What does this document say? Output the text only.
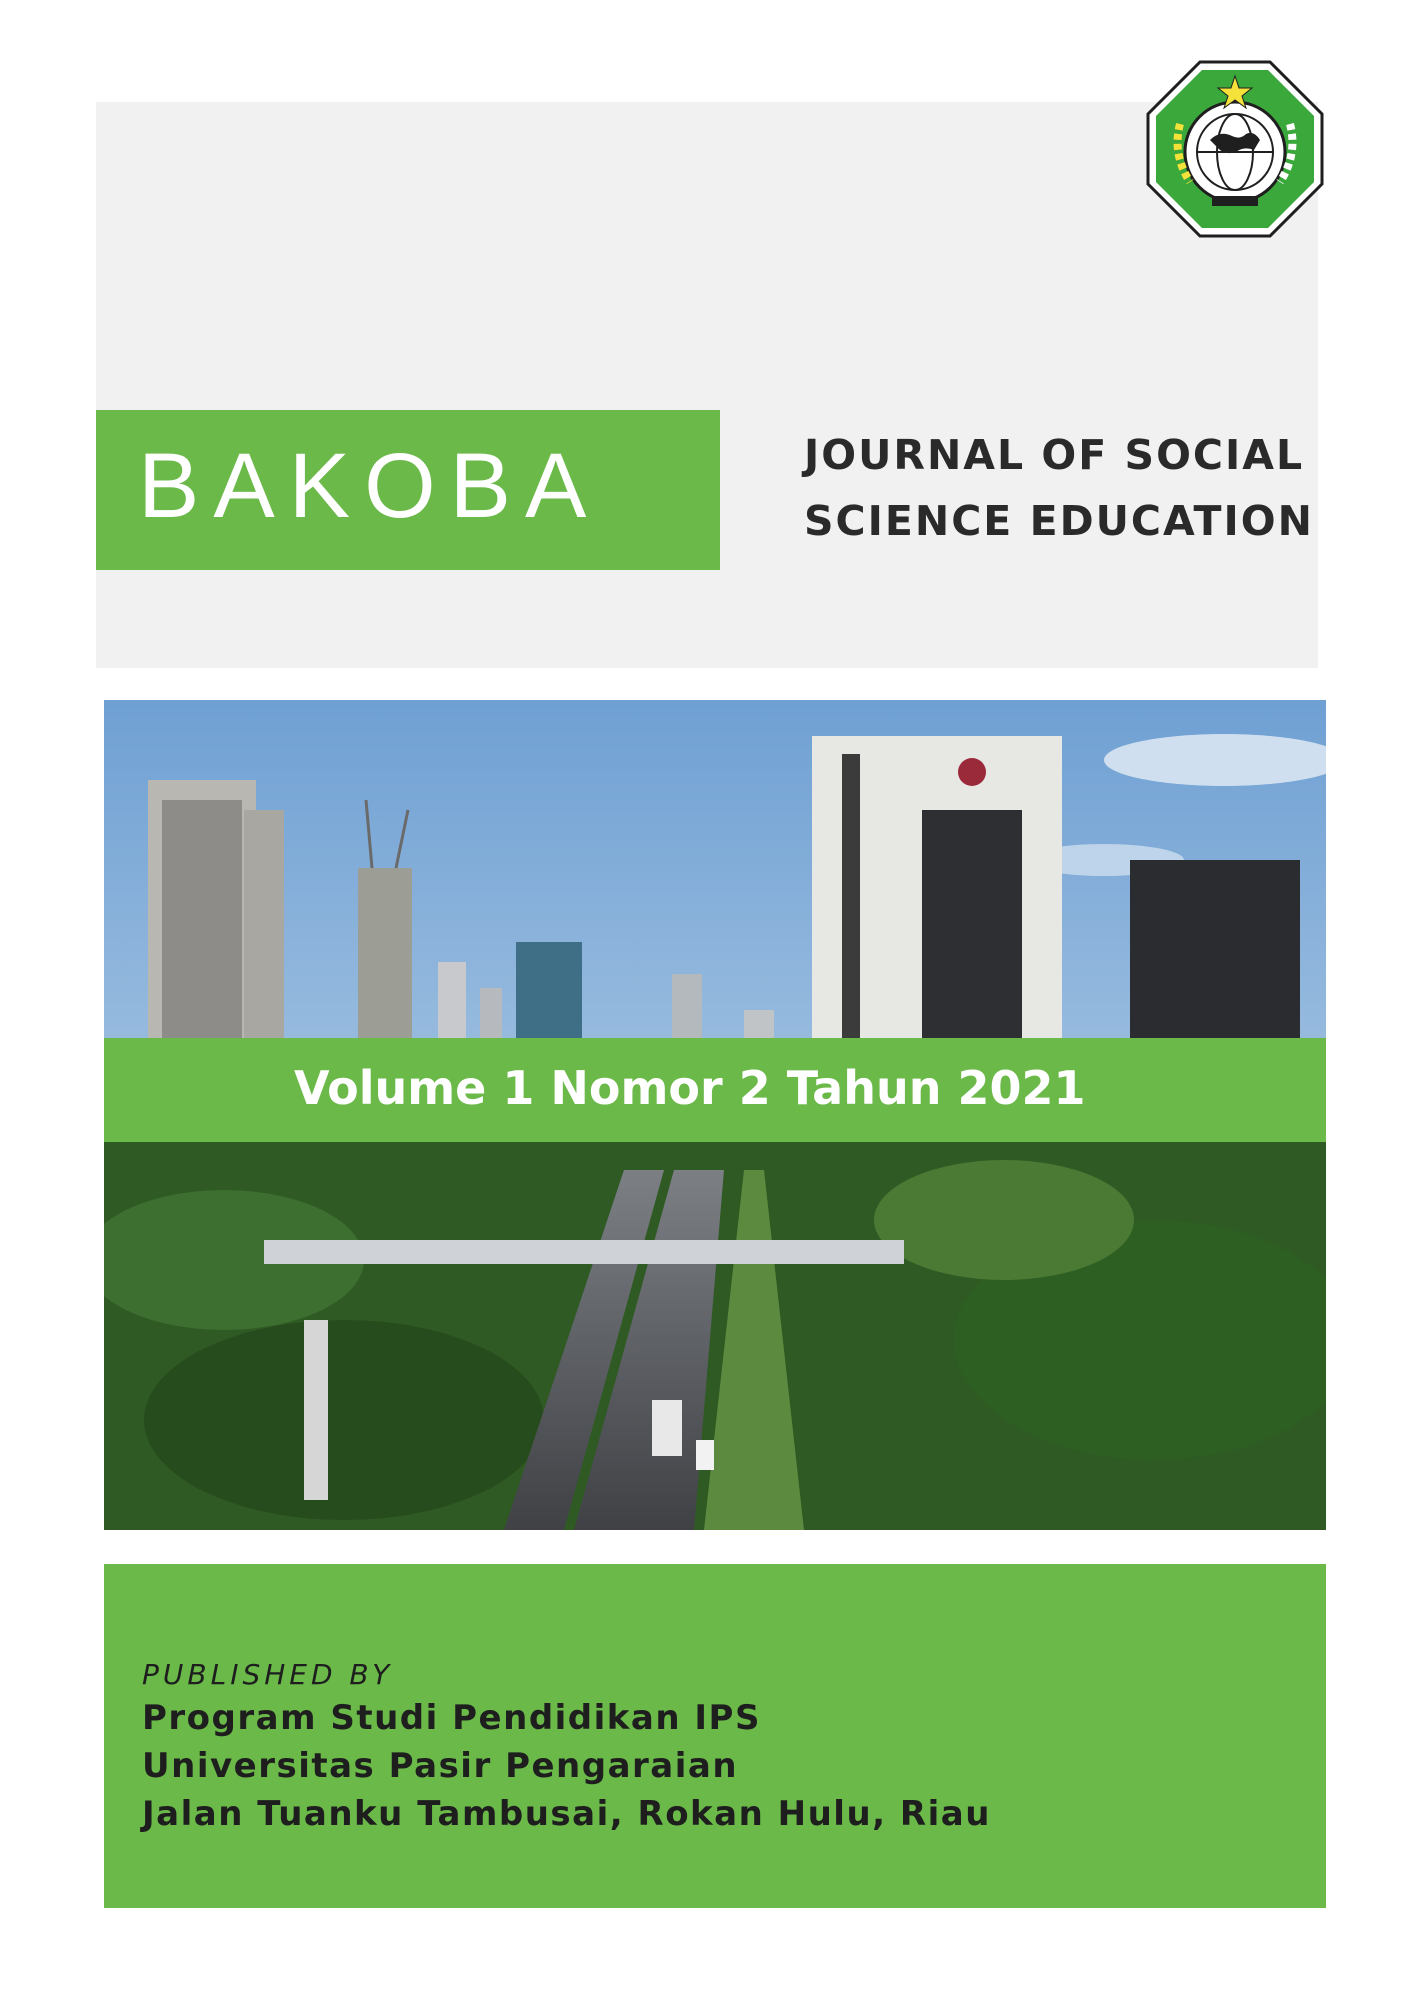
BAKOBA	JOURNAL OF SOCIAL
SCIENCE EDUCATION
Volume 1 Nomor 2 Tahun 2021
PUBLISHED BY
Program Studi Pendidikan IPS
Universitas Pasir Pengaraian
Jalan Tuanku Tambusai, Rokan Hulu, Riau
